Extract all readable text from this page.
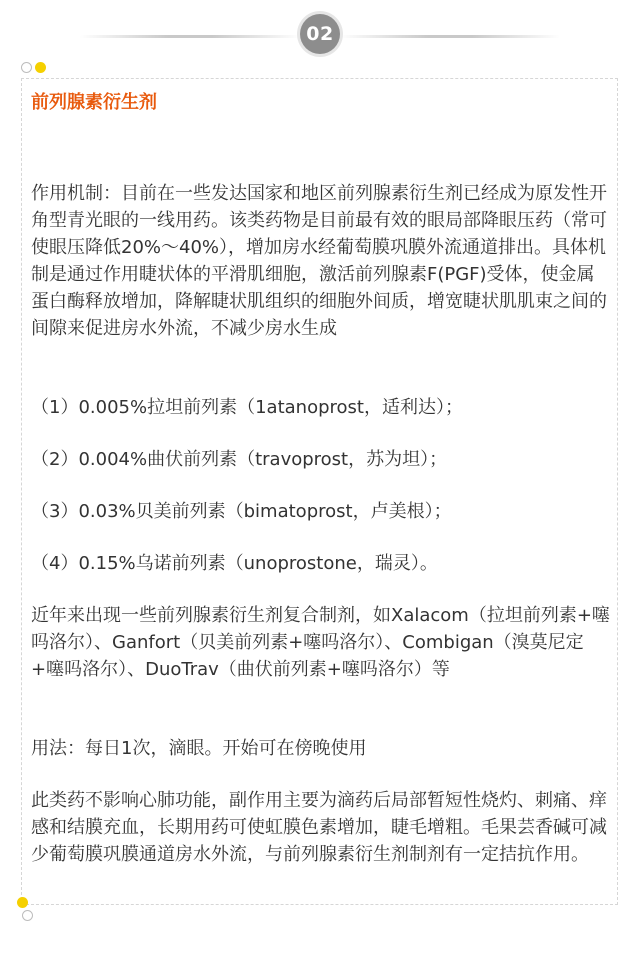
02
前列腺素衍生剂

作用机制：目前在一些发达国家和地区前列腺素衍生剂已经成为原发性开角型青光眼的一线用药。该类药物是目前最有效的眼局部降眼压药（常可使眼压降低20%～40%），增加房水经葡萄膜巩膜外流通道排出。具体机制是通过作用睫状体的平滑肌细胞，激活前列腺素F(PGF)受体，使金属蛋白酶释放增加，降解睫状肌组织的细胞外间质，增宽睫状肌肌束之间的间隙来促进房水外流，不减少房水生成

（1）0.005%拉坦前列素（1atanoprost，适利达）；

（2）0.004%曲伏前列素（travoprost，苏为坦）；

（3）0.03%贝美前列素（bimatoprost，卢美根）；

（4）0.15%乌诺前列素（unoprostone，瑞灵）。

近年来出现一些前列腺素衍生剂复合制剂，如Xalacom（拉坦前列素+噻吗洛尔）、Ganfort（贝美前列素+噻吗洛尔）、Combigan（溴莫尼定+噻吗洛尔）、DuoTrav（曲伏前列素+噻吗洛尔）等

用法：每日1次，滴眼。开始可在傍晚使用

此类药不影响心肺功能，副作用主要为滴药后局部暂短性烧灼、刺痛、痒感和结膜充血，长期用药可使虹膜色素增加，睫毛增粗。毛果芸香碱可减少葡萄膜巩膜通道房水外流，与前列腺素衍生剂制剂有一定拮抗作用。
